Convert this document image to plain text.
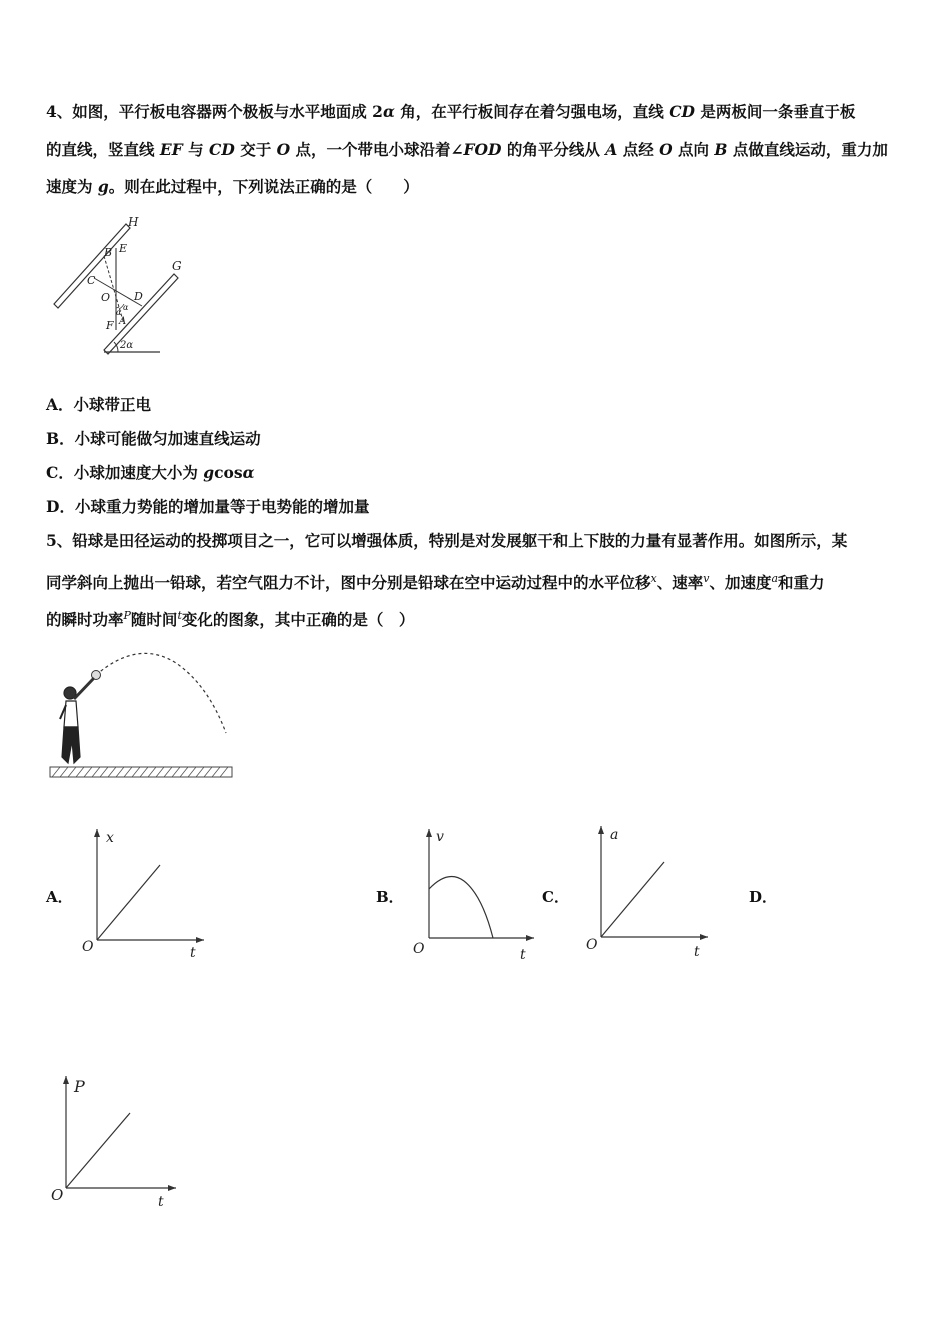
4、如图，平行板电容器两个极板与水平地面成 2α 角，在平行板间存在着匀强电场，直线 CD 是两板间一条垂直于板
的直线，竖直线 EF 与 CD 交于 O 点，一个带电小球沿着∠FOD 的角平分线从 A 点经 O 点向 B 点做直线运动，重力加
速度为 g。则在此过程中，下列说法正确的是（　　）
H
G
B E
C
O D
F A
α
α
2α
A．小球带正电
B．小球可能做匀加速直线运动
C．小球加速度大小为 gcosα
D．小球重力势能的增加量等于电势能的增加量
5、铅球是田径运动的投掷项目之一，它可以增强体质，特别是对发展躯干和上下肢的力量有显著作用。如图所示，某
同学斜向上抛出一铅球，若空气阻力不计，图中分别是铅球在空中运动过程中的水平位移$^x$、速率$^v$、加速度$^a$和重力
的瞬时功率$^P$随时间$^t$变化的图象，其中正确的是（　）
A．
x
t
O
B．
v
t
O
C．
a
t
O
D．
P
t
O
